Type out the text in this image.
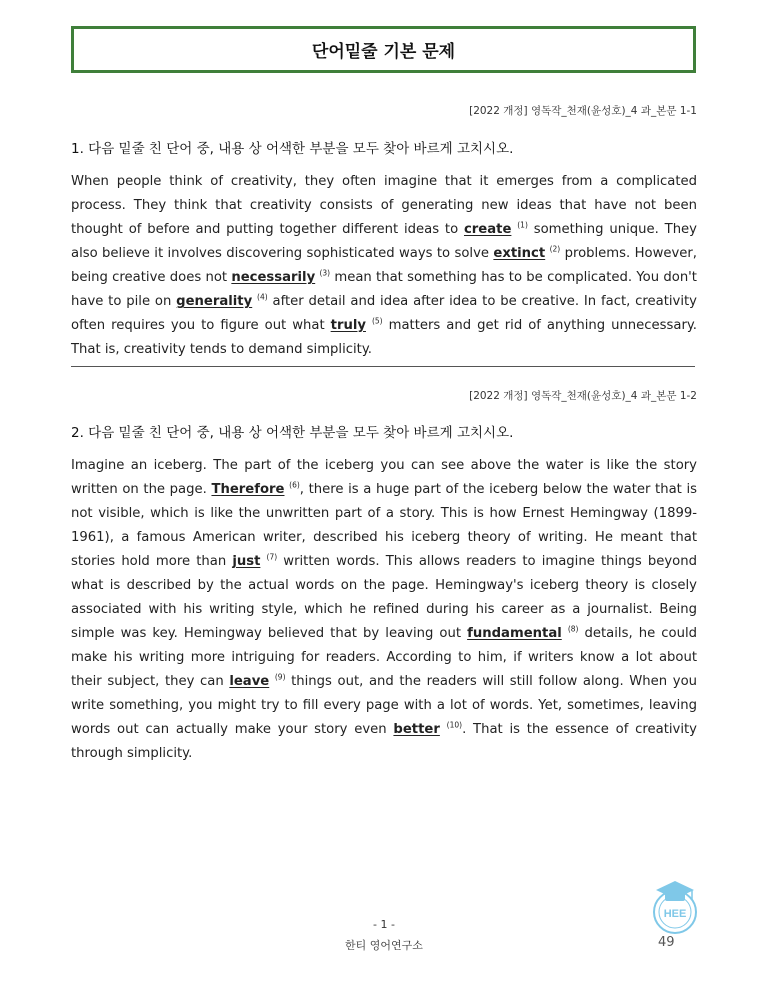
단어밑줄 기본 문제
[2022 개정] 영독작_천재(윤성호)_4 과_본문 1-1
1. 다음 밑줄 친 단어 중, 내용 상 어색한 부분을 모두 찾아 바르게 고치시오.

When people think of creativity, they often imagine that it emerges from a complicated process. They think that creativity consists of generating new ideas that have not been thought of before and putting together different ideas to create $^{(1)}$ something unique. They also believe it involves discovering sophisticated ways to solve extinct $^{(2)}$ problems. However, being creative does not necessarily $^{(3)}$ mean that something has to be complicated. You don't have to pile on generality $^{(4)}$ after detail and idea after idea to be creative. In fact, creativity often requires you to figure out what truly $^{(5)}$ matters and get rid of anything unnecessary. That is, creativity tends to demand simplicity.

[2022 개정] 영독작_천재(윤성호)_4 과_본문 1-2
2. 다음 밑줄 친 단어 중, 내용 상 어색한 부분을 모두 찾아 바르게 고치시오.

Imagine an iceberg. The part of the iceberg you can see above the water is like the story written on the page. Therefore $^{(6)}$, there is a huge part of the iceberg below the water that is not visible, which is like the unwritten part of a story. This is how Ernest Hemingway (1899-1961), a famous American writer, described his iceberg theory of writing. He meant that stories hold more than just $^{(7)}$ written words. This allows readers to imagine things beyond what is described by the actual words on the page. Hemingway's iceberg theory is closely associated with his writing style, which he refined during his career as a journalist. Being simple was key. Hemingway believed that by leaving out fundamental $^{(8)}$ details, he could make his writing more intriguing for readers. According to him, if writers know a lot about their subject, they can leave $^{(9)}$ things out, and the readers will still follow along. When you write something, you might try to fill every page with a lot of words. Yet, sometimes, leaving words out can actually make your story even better $^{(10)}$. That is the essence of creativity through simplicity.

HEE
- 1 -
한티 영어연구소	49
